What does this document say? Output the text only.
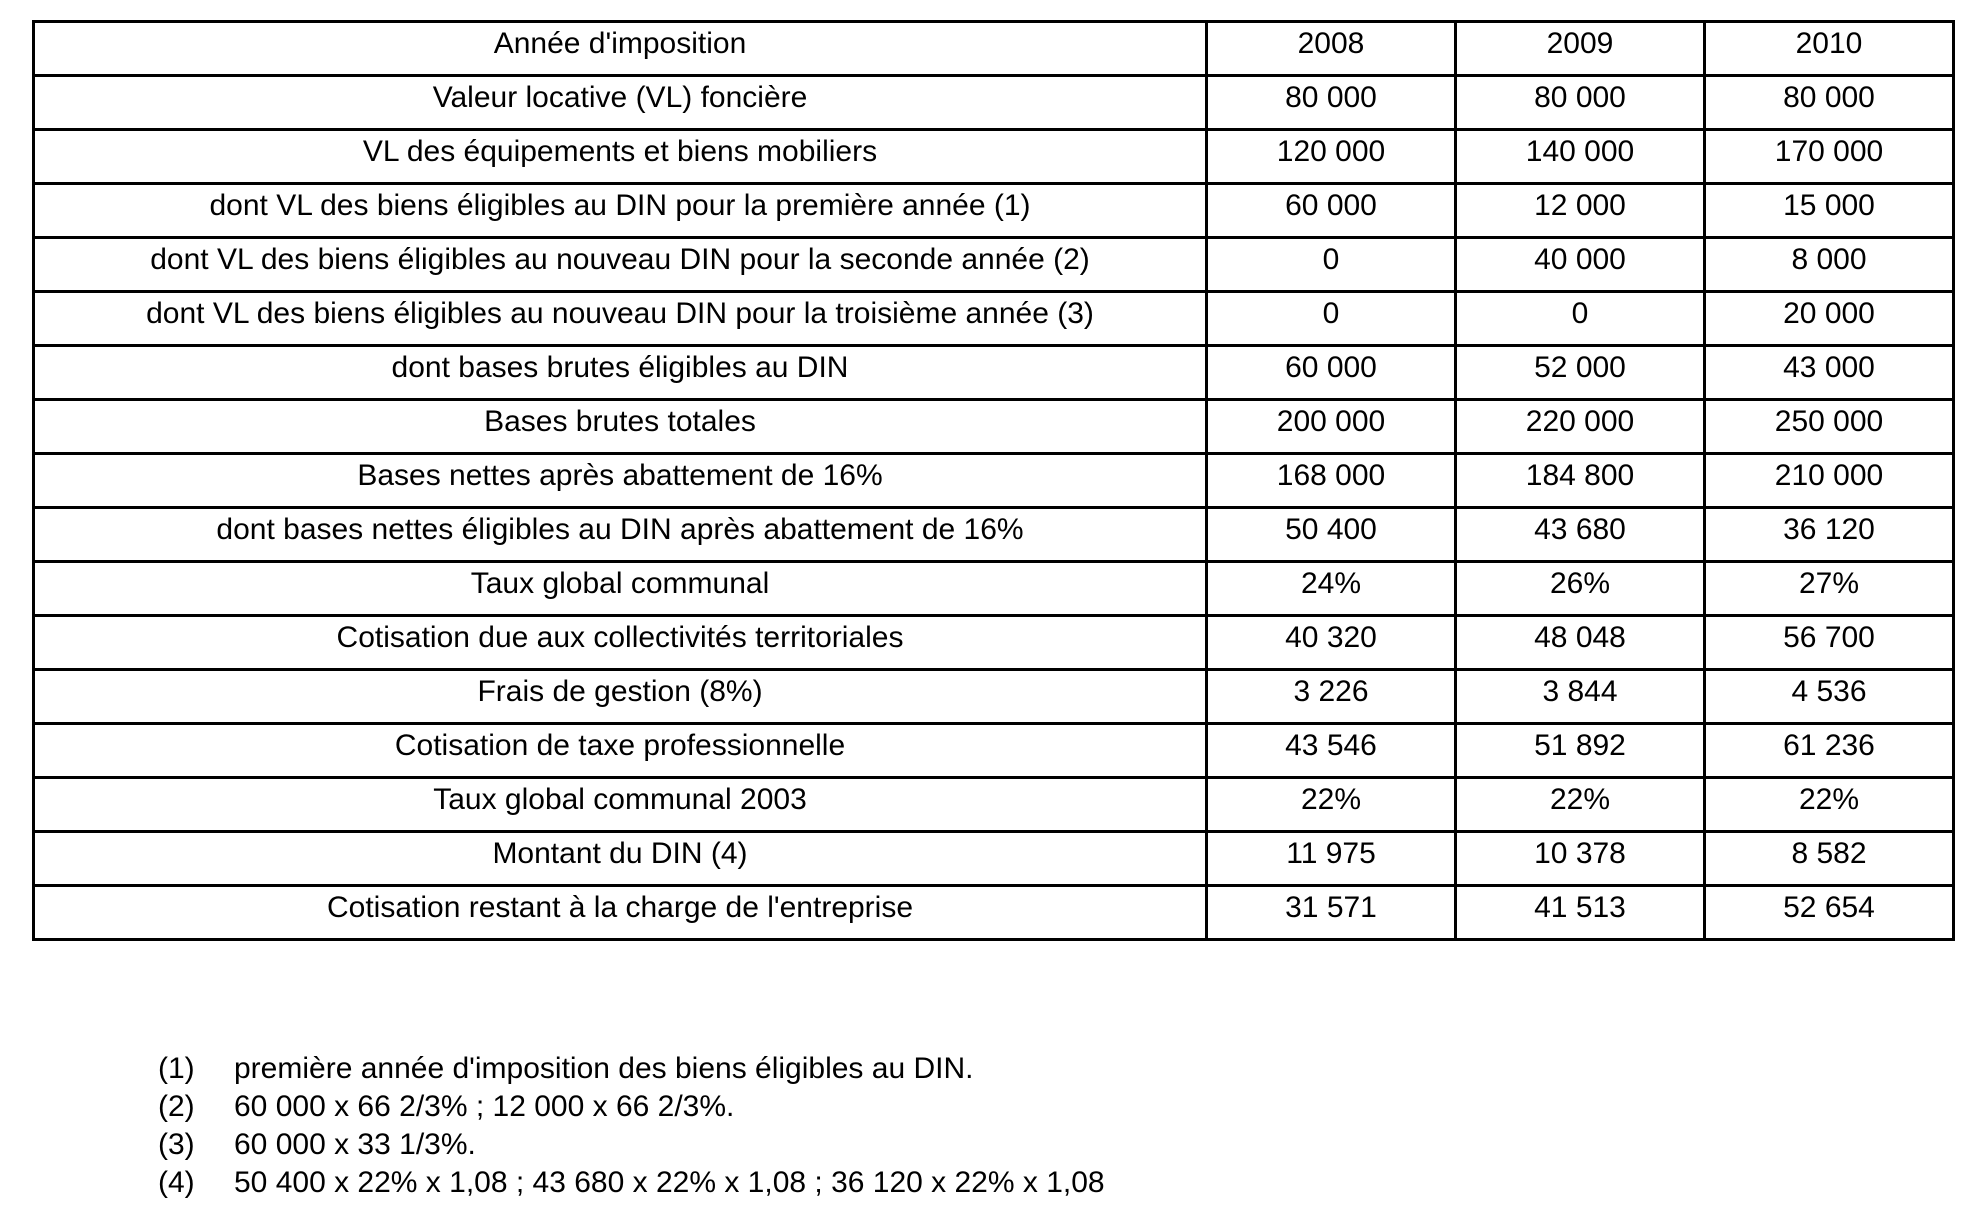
Année d'imposition	2008	2009	2010
Valeur locative (VL) foncière	80 000	80 000	80 000
VL des équipements et biens mobiliers	120 000	140 000	170 000
dont VL des biens éligibles au DIN pour la première année (1)	60 000	12 000	15 000
dont VL des biens éligibles au nouveau DIN pour la seconde année (2)	0	40 000	8 000
dont VL des biens éligibles au nouveau DIN pour la troisième année (3)	0	0	20 000
dont bases brutes éligibles au DIN	60 000	52 000	43 000
Bases brutes totales	200 000	220 000	250 000
Bases nettes après abattement de 16%	168 000	184 800	210 000
dont bases nettes éligibles au DIN après abattement de 16%	50 400	43 680	36 120
Taux global communal	24%	26%	27%
Cotisation due aux collectivités territoriales	40 320	48 048	56 700
Frais de gestion (8%)	3 226	3 844	4 536
Cotisation de taxe professionnelle	43 546	51 892	61 236
Taux global communal 2003	22%	22%	22%
Montant du DIN (4)	11 975	10 378	8 582
Cotisation restant à la charge de l'entreprise	31 571	41 513	52 654
(1)	première année d'imposition des biens éligibles au DIN.
(2)	60 000 x 66 2/3% ; 12 000 x 66 2/3%.
(3)	60 000 x 33 1/3%.
(4)	50 400 x 22% x 1,08 ; 43 680 x 22% x 1,08 ; 36 120 x 22% x 1,08
